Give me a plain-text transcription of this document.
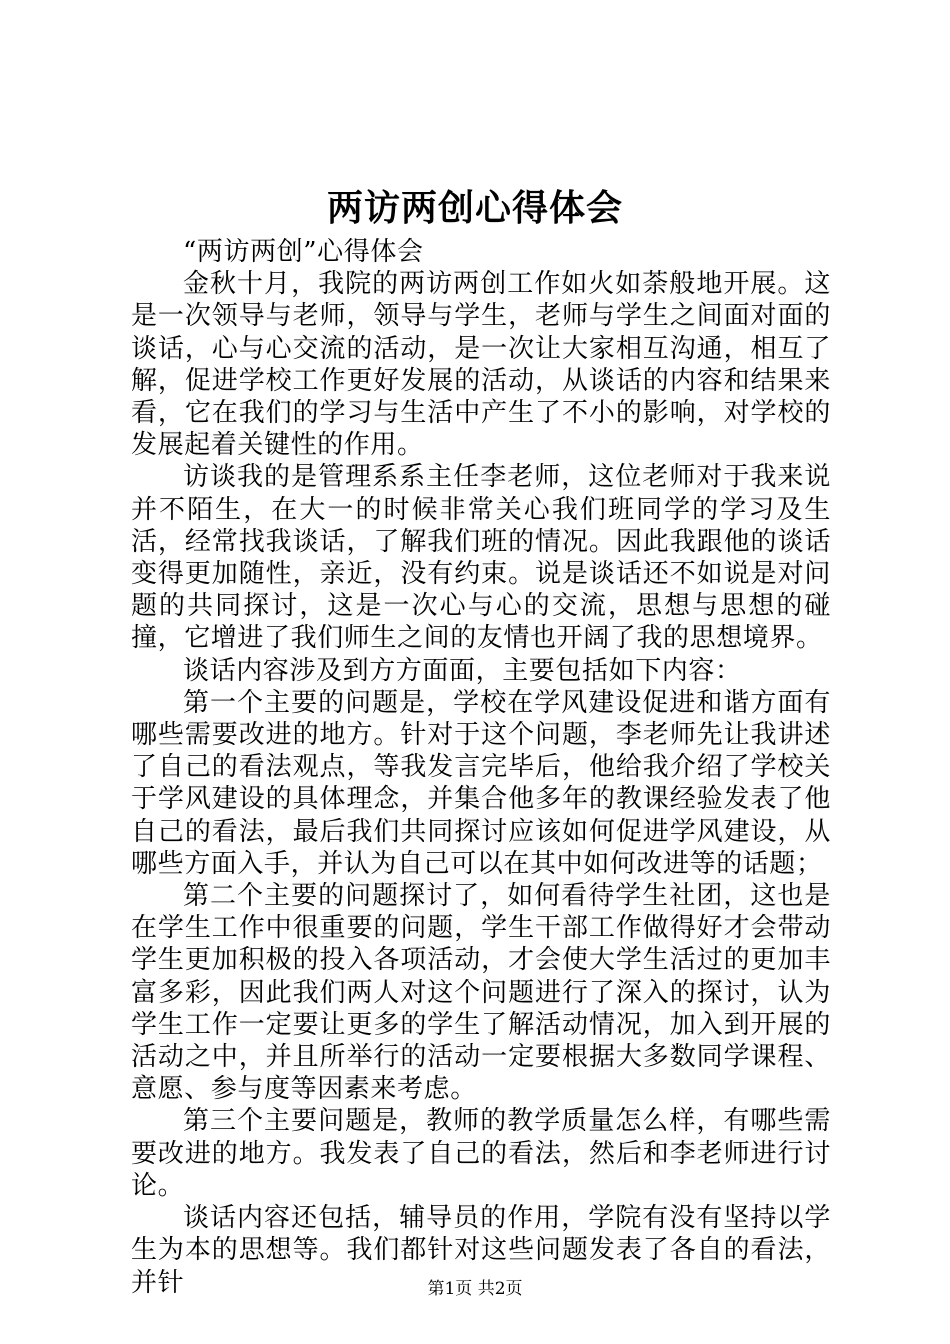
两访两创心得体会

“两访两创”心得体会

金秋十月，我院的两访两创工作如火如荼般地开展。这是一次领导与老师，领导与学生，老师与学生之间面对面的谈话，心与心交流的活动，是一次让大家相互沟通，相互了解，促进学校工作更好发展的活动，从谈话的内容和结果来看，它在我们的学习与生活中产生了不小的影响，对学校的发展起着关键性的作用。

访谈我的是管理系系主任李老师，这位老师对于我来说并不陌生，在大一的时候非常关心我们班同学的学习及生活，经常找我谈话，了解我们班的情况。因此我跟他的谈话变得更加随性，亲近，没有约束。说是谈话还不如说是对问题的共同探讨，这是一次心与心的交流，思想与思想的碰撞，它增进了我们师生之间的友情也开阔了我的思想境界。

谈话内容涉及到方方面面，主要包括如下内容：

第一个主要的问题是，学校在学风建设促进和谐方面有哪些需要改进的地方。针对于这个问题，李老师先让我讲述了自己的看法观点，等我发言完毕后，他给我介绍了学校关于学风建设的具体理念，并集合他多年的教课经验发表了他自己的看法，最后我们共同探讨应该如何促进学风建设，从哪些方面入手，并认为自己可以在其中如何改进等的话题；

第二个主要的问题探讨了，如何看待学生社团，这也是在学生工作中很重要的问题，学生干部工作做得好才会带动学生更加积极的投入各项活动，才会使大学生活过的更加丰富多彩，因此我们两人对这个问题进行了深入的探讨，认为学生工作一定要让更多的学生了解活动情况，加入到开展的活动之中，并且所举行的活动一定要根据大多数同学课程、意愿、参与度等因素来考虑。

第三个主要问题是，教师的教学质量怎么样，有哪些需要改进的地方。我发表了自己的看法，然后和李老师进行讨论。

谈话内容还包括，辅导员的作用，学院有没有坚持以学生为本的思想等。我们都针对这些问题发表了各自的看法，并针	第1页 共2页
